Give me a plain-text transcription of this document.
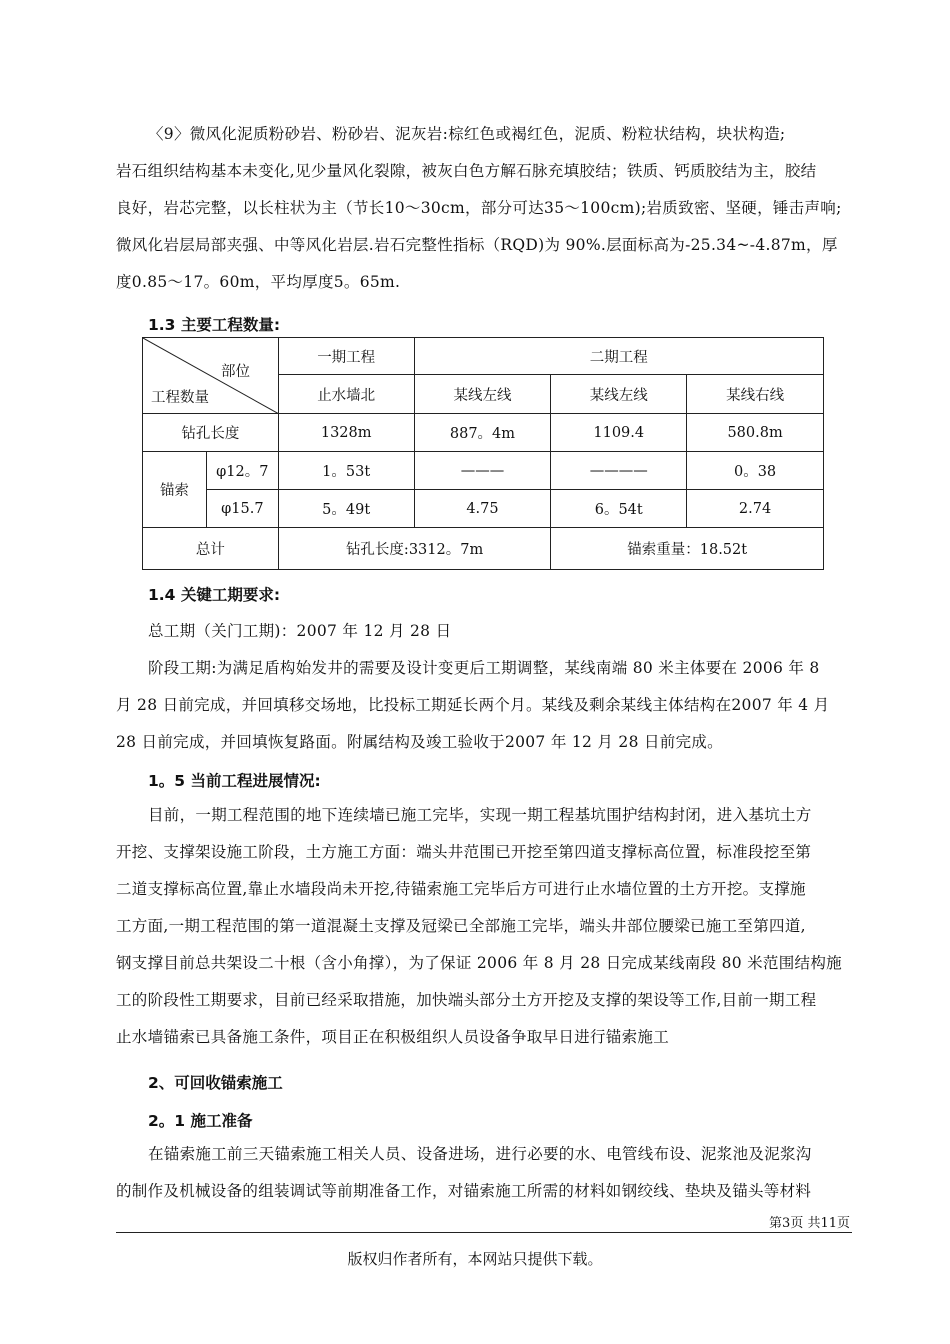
〈9〉微风化泥质粉砂岩、粉砂岩、泥灰岩:棕红色或褐红色，泥质、粉粒状结构，块状构造;

岩石组织结构基本未变化,见少量风化裂隙，被灰白色方解石脉充填胶结；铁质、钙质胶结为主，胶结

良好，岩芯完整，以长柱状为主（节长10～30cm，部分可达35～100cm);岩质致密、坚硬，锤击声响;

微风化岩层局部夹强、中等风化岩层.岩石完整性指标（RQD)为 90%.层面标高为-25.34~-4.87m，厚

度0.85～17。60m，平均厚度5。65m.

1.3 主要工程数量:
部位
工程数量		一期工程	二期工程		
		止水墙北	某线左线	某线左线	某线右线
钻孔长度		1328m	887。4m	1109.4	580.8m
锚索	φ12。7	1。53t	———	————	0。38
	φ15.7	5。49t	4.75	6。54t	2.74
总计		钻孔长度:3312。7m		锚索重量：18.52t	
1.4 关键工期要求:

总工期（关门工期)：2007 年 12 月 28 日

阶段工期:为满足盾构始发井的需要及设计变更后工期调整，某线南端 80 米主体要在 2006 年 8

月 28 日前完成，并回填移交场地，比投标工期延长两个月。某线及剩余某线主体结构在2007 年 4 月

28 日前完成，并回填恢复路面。附属结构及竣工验收于2007 年 12 月 28 日前完成。

1。5 当前工程进展情况:

目前，一期工程范围的地下连续墙已施工完毕，实现一期工程基坑围护结构封闭，进入基坑土方

开挖、支撑架设施工阶段，土方施工方面：端头井范围已开挖至第四道支撑标高位置，标准段挖至第

二道支撑标高位置,靠止水墙段尚未开挖,待锚索施工完毕后方可进行止水墙位置的土方开挖。支撑施

工方面,一期工程范围的第一道混凝土支撑及冠梁已全部施工完毕，端头井部位腰梁已施工至第四道,

钢支撑目前总共架设二十根（含小角撑），为了保证 2006 年 8 月 28 日完成某线南段 80 米范围结构施

工的阶段性工期要求，目前已经采取措施，加快端头部分土方开挖及支撑的架设等工作,目前一期工程

止水墙锚索已具备施工条件，项目正在积极组织人员设备争取早日进行锚索施工

2、可回收锚索施工
2。1 施工准备

在锚索施工前三天锚索施工相关人员、设备进场，进行必要的水、电管线布设、泥浆池及泥浆沟

的制作及机械设备的组装调试等前期准备工作，对锚索施工所需的材料如钢绞线、垫块及锚头等材料

第3页 共11页
版权归作者所有，本网站只提供下载。
